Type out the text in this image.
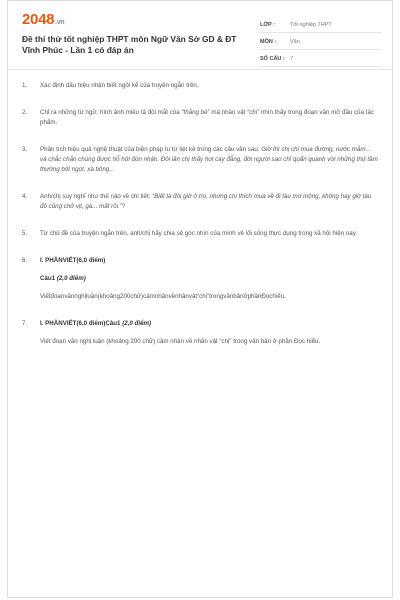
2048.vn
Đề thi thử tốt nghiệp THPT môn Ngữ Văn Sở GD & ĐT Vĩnh Phúc - Lần 1 có đáp án
LỚP :	Tốt nghiệp THPT
MÔN :	Văn
SỐ CÂU : 7
1.	Xác định dấu hiệu nhận biết ngôi kể của truyện ngắn trên.
2.	Chỉ ra những từ ngữ, hình ảnh miêu tả đôi mắt của “thằng bé” mà nhân vật “chị” nhìn thấy trong đoạn văn mở đầu của tác phẩm.
3.	Phân tích hiệu quả nghệ thuật của biện pháp tu từ liệt kê trong các câu văn sau: Giờ thì chị chỉ mua đường, nước mắm... và chắc chắn chúng được hỗ hởi đón nhận. Đôi lần chị thấy hơi cay đắng, đời người sao chỉ quẩn quanh với những thứ tầm thường bột ngọt, xà bông...
4.	Anh/chị suy nghĩ như thế nào về chi tiết: “Biết là đôi giờ ở trọ, nhưng chị thích mua về đi tàu mơ mộng, không hay giờ tàu đỏ cũng chở vịt, gà... mất rồi.”?
5.	Từ chủ đề của truyện ngắn trên, anh/chị hãy chia sẻ góc nhìn của mình về lối sống thực dụng trong xã hội hiện nay.
6.	I. PHẦNVIẾT(6,0 điểm)
Câu1 (2,0 điểm)
Viếtđoanvănnghịluận(khoảng200chữ)cảmnhậnvềnhânvật“chị”trongvănbảnởphầnĐọchiểu.
7.	I. PHẦNVIẾT(6,0 điểm)Câu1 (2,0 điểm)
Viết đoạn văn nghị luận (khoảng 200 chữ) cảm nhận về nhân vật “chị” trong văn bản ở phần Đọc hiểu.
